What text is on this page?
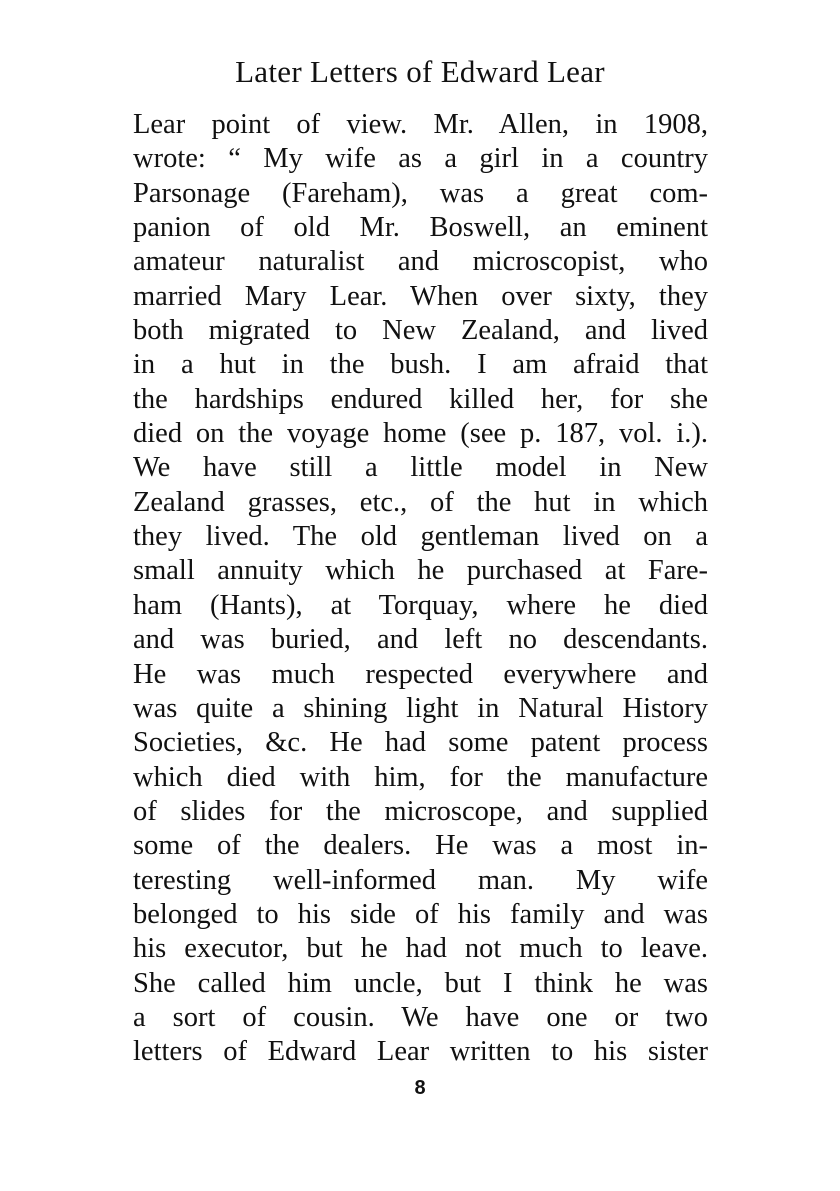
Later Letters of Edward Lear
Lear point of view. Mr. Allen, in 1908,
wrote: “ My wife as a girl in a country
Parsonage (Fareham), was a great com-
panion of old Mr. Boswell, an eminent
amateur naturalist and microscopist, who
married Mary Lear. When over sixty, they
both migrated to New Zealand, and lived
in a hut in the bush. I am afraid that
the hardships endured killed her, for she
died on the voyage home (see p. 187, vol. i.).
We have still a little model in New
Zealand grasses, etc., of the hut in which
they lived. The old gentleman lived on a
small annuity which he purchased at Fare-
ham (Hants), at Torquay, where he died
and was buried, and left no descendants.
He was much respected everywhere and
was quite a shining light in Natural History
Societies, &c. He had some patent process
which died with him, for the manufacture
of slides for the microscope, and supplied
some of the dealers. He was a most in-
teresting well-informed man. My wife
belonged to his side of his family and was
his executor, but he had not much to leave.
She called him uncle, but I think he was
a sort of cousin. We have one or two
letters of Edward Lear written to his sister
8
